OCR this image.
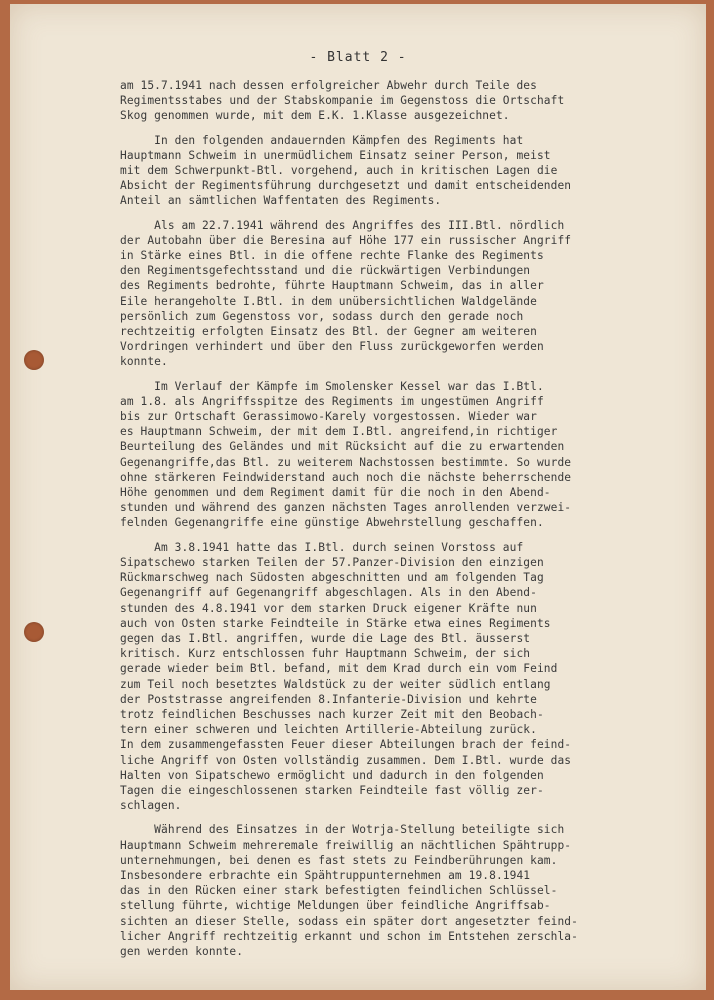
- Blatt 2 -
am 15.7.1941 nach dessen erfolgreicher Abwehr durch Teile des
Regimentsstabes und der Stabskompanie im Gegenstoss die Ortschaft
Skog genommen wurde, mit dem E.K. 1.Klasse ausgezeichnet.
In den folgenden andauernden Kämpfen des Regiments hat
Hauptmann Schweim in unermüdlichem Einsatz seiner Person, meist
mit dem Schwerpunkt-Btl. vorgehend, auch in kritischen Lagen die
Absicht der Regimentsführung durchgesetzt und damit entscheidenden
Anteil an sämtlichen Waffentaten des Regiments.
Als am 22.7.1941 während des Angriffes des III.Btl. nördlich
der Autobahn über die Beresina auf Höhe 177 ein russischer Angriff
in Stärke eines Btl. in die offene rechte Flanke des Regiments
den Regimentsgefechtsstand und die rückwärtigen Verbindungen
des Regiments bedrohte, führte Hauptmann Schweim, das in aller
Eile herangeholte I.Btl. in dem unübersichtlichen Waldgelände
persönlich zum Gegenstoss vor, sodass durch den gerade noch
rechtzeitig erfolgten Einsatz des Btl. der Gegner am weiteren
Vordringen verhindert und über den Fluss zurückgeworfen werden
konnte.
Im Verlauf der Kämpfe im Smolensker Kessel war das I.Btl.
am 1.8. als Angriffsspitze des Regiments im ungestümen Angriff
bis zur Ortschaft Gerassimowo-Karely vorgestossen. Wieder war
es Hauptmann Schweim, der mit dem I.Btl. angreifend,in richtiger
Beurteilung des Geländes und mit Rücksicht auf die zu erwartenden
Gegenangriffe,das Btl. zu weiterem Nachstossen bestimmte. So wurde
ohne stärkeren Feindwiderstand auch noch die nächste beherrschende
Höhe genommen und dem Regiment damit für die noch in den Abend-
stunden und während des ganzen nächsten Tages anrollenden verzwei-
felnden Gegenangriffe eine günstige Abwehrstellung geschaffen.
Am 3.8.1941 hatte das I.Btl. durch seinen Vorstoss auf
Sipatschewo starken Teilen der 57.Panzer-Division den einzigen
Rückmarschweg nach Südosten abgeschnitten und am folgenden Tag
Gegenangriff auf Gegenangriff abgeschlagen. Als in den Abend-
stunden des 4.8.1941 vor dem starken Druck eigener Kräfte nun
auch von Osten starke Feindteile in Stärke etwa eines Regiments
gegen das I.Btl. angriffen, wurde die Lage des Btl. äusserst
kritisch. Kurz entschlossen fuhr Hauptmann Schweim, der sich
gerade wieder beim Btl. befand, mit dem Krad durch ein vom Feind
zum Teil noch besetztes Waldstück zu der weiter südlich entlang
der Poststrasse angreifenden 8.Infanterie-Division und kehrte
trotz feindlichen Beschusses nach kurzer Zeit mit den Beobach-
tern einer schweren und leichten Artillerie-Abteilung zurück.
In dem zusammengefassten Feuer dieser Abteilungen brach der feind-
liche Angriff von Osten vollständig zusammen. Dem I.Btl. wurde das
Halten von Sipatschewo ermöglicht und dadurch in den folgenden
Tagen die eingeschlossenen starken Feindteile fast völlig zer-
schlagen.
Während des Einsatzes in der Wotrja-Stellung beteiligte sich
Hauptmann Schweim mehreremale freiwillig an nächtlichen Spähtrupp-
unternehmungen, bei denen es fast stets zu Feindberührungen kam.
Insbesondere erbrachte ein Spähtruppunternehmen am 19.8.1941
das in den Rücken einer stark befestigten feindlichen Schlüssel-
stellung führte, wichtige Meldungen über feindliche Angriffsab-
sichten an dieser Stelle, sodass ein später dort angesetzter feind-
licher Angriff rechtzeitig erkannt und schon im Entstehen zerschla-
gen werden konnte.
